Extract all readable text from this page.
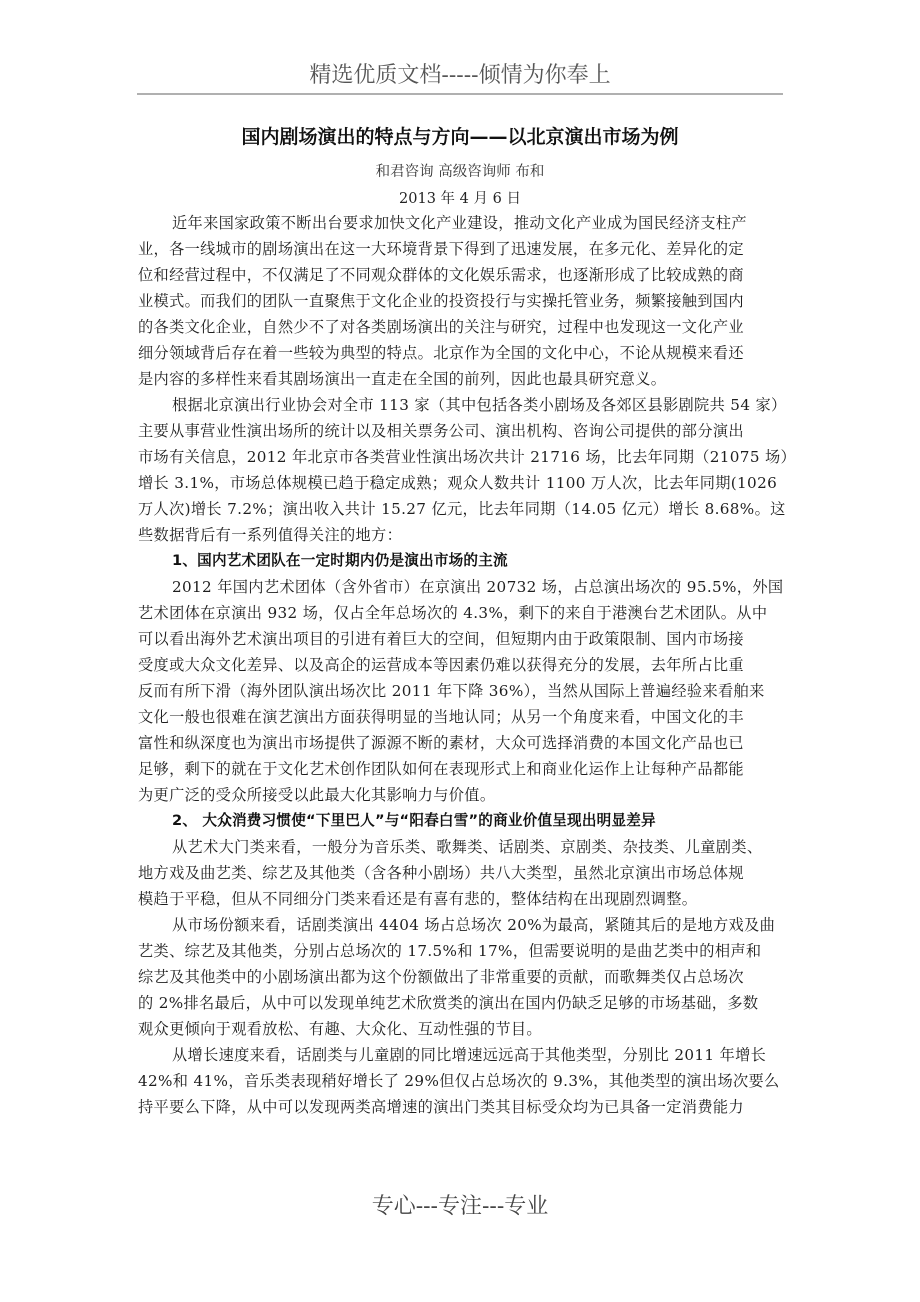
精选优质文档-----倾情为你奉上
国内剧场演出的特点与方向——以北京演出市场为例
和君咨询 高级咨询师 布和
2013 年 4 月 6 日
近年来国家政策不断出台要求加快文化产业建设，推动文化产业成为国民经济支柱产
业，各一线城市的剧场演出在这一大环境背景下得到了迅速发展，在多元化、差异化的定
位和经营过程中，不仅满足了不同观众群体的文化娱乐需求，也逐渐形成了比较成熟的商
业模式。而我们的团队一直聚焦于文化企业的投资投行与实操托管业务，频繁接触到国内
的各类文化企业，自然少不了对各类剧场演出的关注与研究，过程中也发现这一文化产业
细分领域背后存在着一些较为典型的特点。北京作为全国的文化中心，不论从规模来看还
是内容的多样性来看其剧场演出一直走在全国的前列，因此也最具研究意义。
根据北京演出行业协会对全市 113 家（其中包括各类小剧场及各郊区县影剧院共 54 家）
主要从事营业性演出场所的统计以及相关票务公司、演出机构、咨询公司提供的部分演出
市场有关信息，2012 年北京市各类营业性演出场次共计 21716 场，比去年同期（21075 场）
增长 3.1%，市场总体规模已趋于稳定成熟；观众人数共计 1100 万人次，比去年同期(1026
万人次)增长 7.2%；演出收入共计 15.27 亿元，比去年同期（14.05 亿元）增长 8.68%。这
些数据背后有一系列值得关注的地方：
1、国内艺术团队在一定时期内仍是演出市场的主流
2012 年国内艺术团体（含外省市）在京演出 20732 场，占总演出场次的 95.5%，外国
艺术团体在京演出 932 场，仅占全年总场次的 4.3%，剩下的来自于港澳台艺术团队。从中
可以看出海外艺术演出项目的引进有着巨大的空间，但短期内由于政策限制、国内市场接
受度或大众文化差异、以及高企的运营成本等因素仍难以获得充分的发展，去年所占比重
反而有所下滑（海外团队演出场次比 2011 年下降 36%），当然从国际上普遍经验来看舶来
文化一般也很难在演艺演出方面获得明显的当地认同；从另一个角度来看，中国文化的丰
富性和纵深度也为演出市场提供了源源不断的素材，大众可选择消费的本国文化产品也已
足够，剩下的就在于文化艺术创作团队如何在表现形式上和商业化运作上让每种产品都能
为更广泛的受众所接受以此最大化其影响力与价值。
2、 大众消费习惯使“下里巴人”与“阳春白雪”的商业价值呈现出明显差异
从艺术大门类来看，一般分为音乐类、歌舞类、话剧类、京剧类、杂技类、儿童剧类、
地方戏及曲艺类、综艺及其他类（含各种小剧场）共八大类型，虽然北京演出市场总体规
模趋于平稳，但从不同细分门类来看还是有喜有悲的，整体结构在出现剧烈调整。
从市场份额来看，话剧类演出 4404 场占总场次 20%为最高，紧随其后的是地方戏及曲
艺类、综艺及其他类，分别占总场次的 17.5%和 17%，但需要说明的是曲艺类中的相声和
综艺及其他类中的小剧场演出都为这个份额做出了非常重要的贡献，而歌舞类仅占总场次
的 2%排名最后，从中可以发现单纯艺术欣赏类的演出在国内仍缺乏足够的市场基础，多数
观众更倾向于观看放松、有趣、大众化、互动性强的节目。
从增长速度来看，话剧类与儿童剧的同比增速远远高于其他类型，分别比 2011 年增长
42%和 41%，音乐类表现稍好增长了 29%但仅占总场次的 9.3%，其他类型的演出场次要么
持平要么下降，从中可以发现两类高增速的演出门类其目标受众均为已具备一定消费能力
专心---专注---专业
